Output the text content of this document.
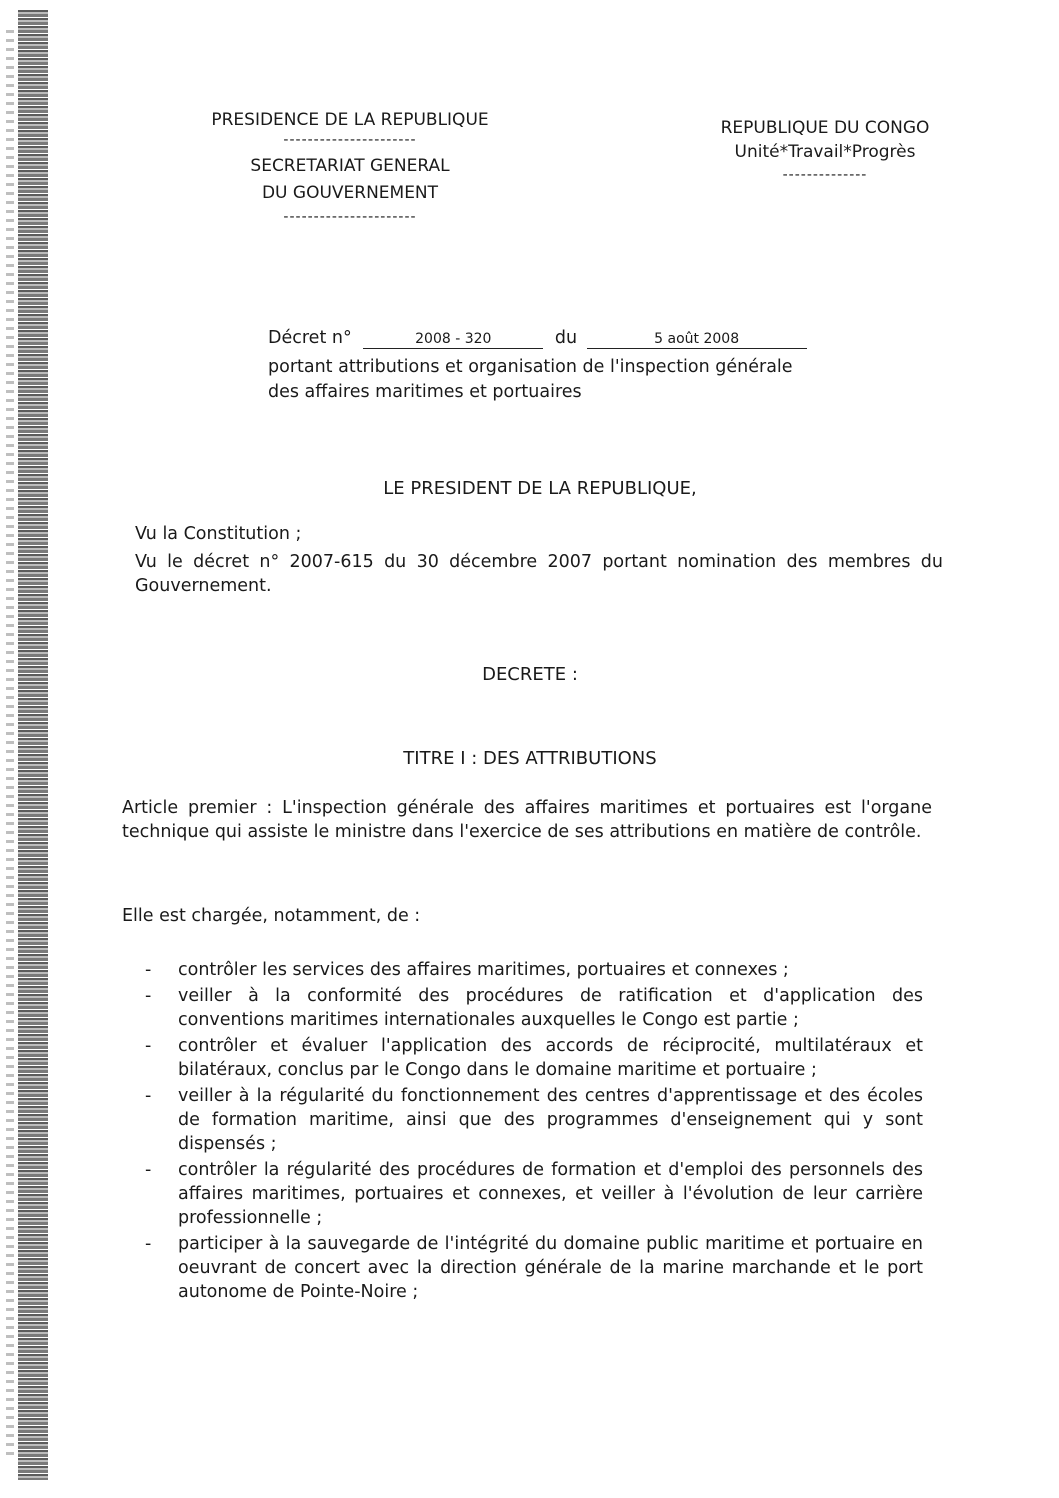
PRESIDENCE DE LA REPUBLIQUE
----------------------
SECRETARIAT GENERAL
DU GOUVERNEMENT
----------------------
REPUBLIQUE DU CONGO
Unité*Travail*Progrès
--------------
Décret n°	2008 - 320	du	5 août 2008
portant attributions et organisation de l'inspection générale
des affaires maritimes et portuaires
LE PRESIDENT DE LA REPUBLIQUE,
Vu la Constitution ;
Vu le décret n° 2007-615 du 30 décembre 2007 portant nomination des membres du Gouvernement.
DECRETE :
TITRE I : DES ATTRIBUTIONS
Article premier : L'inspection générale des affaires maritimes et portuaires est l'organe technique qui assiste le ministre dans l'exercice de ses attributions en matière de contrôle.
Elle est chargée, notamment, de :
- contrôler les services des affaires maritimes, portuaires et connexes ;
- veiller à la conformité des procédures de ratification et d'application des conventions maritimes internationales auxquelles le Congo est partie ;
- contrôler et évaluer l'application des accords de réciprocité, multilatéraux et bilatéraux, conclus par le Congo dans le domaine maritime et portuaire ;
- veiller à la régularité du fonctionnement des centres d'apprentissage et des écoles de formation maritime, ainsi que des programmes d'enseignement qui y sont dispensés ;
- contrôler la régularité des procédures de formation et d'emploi des personnels des affaires maritimes, portuaires et connexes, et veiller à l'évolution de leur carrière professionnelle ;
- participer à la sauvegarde de l'intégrité du domaine public maritime et portuaire en oeuvrant de concert avec la direction générale de la marine marchande et le port autonome de Pointe-Noire ;
